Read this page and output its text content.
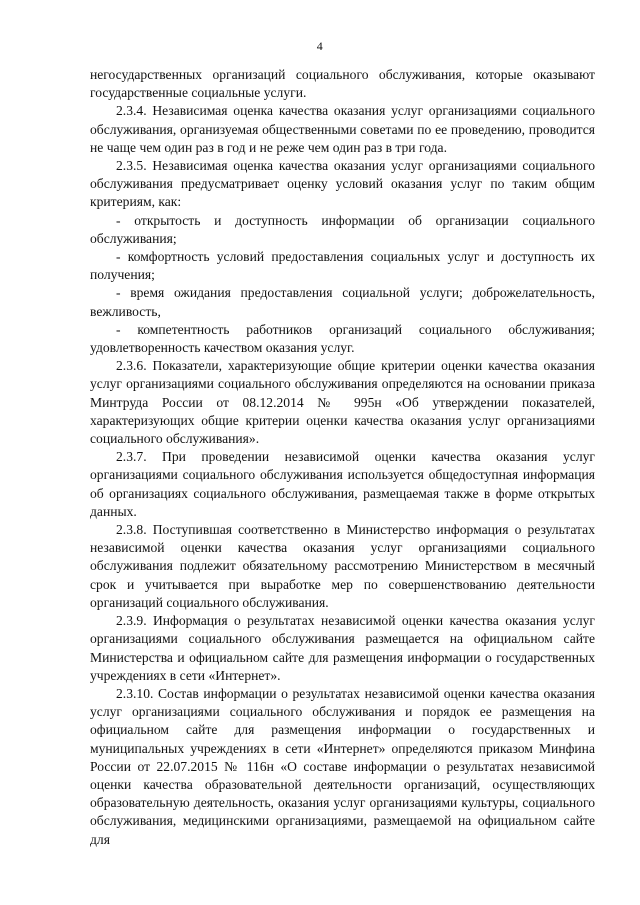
4

негосударственных организаций социального обслуживания, которые оказывают государственные социальные услуги.

2.3.4. Независимая оценка качества оказания услуг организациями социального обслуживания, организуемая общественными советами по ее проведению, проводится не чаще чем один раз в год и не реже чем один раз в три года.

2.3.5. Независимая оценка качества оказания услуг организациями социального обслуживания предусматривает оценку условий оказания услуг по таким общим критериям, как:

- открытость и доступность информации об организации социального обслуживания;

- комфортность условий предоставления социальных услуг и доступность их получения;

- время ожидания предоставления социальной услуги; доброжелательность, вежливость,

- компетентность работников организаций социального обслуживания; удовлетворенность качеством оказания услуг.

2.3.6. Показатели, характеризующие общие критерии оценки качества оказания услуг организациями социального обслуживания определяются на основании приказа Минтруда России от 08.12.2014 № 995н «Об утверждении показателей, характеризующих общие критерии оценки качества оказания услуг организациями социального обслуживания».

2.3.7. При проведении независимой оценки качества оказания услуг организациями социального обслуживания используется общедоступная информация об организациях социального обслуживания, размещаемая также в форме открытых данных.

2.3.8. Поступившая соответственно в Министерство информация о результатах независимой оценки качества оказания услуг организациями социального обслуживания подлежит обязательному рассмотрению Министерством в месячный срок и учитывается при выработке мер по совершенствованию деятельности организаций социального обслуживания.

2.3.9. Информация о результатах независимой оценки качества оказания услуг организациями социального обслуживания размещается на официальном сайте Министерства и официальном сайте для размещения информации о государственных учреждениях в сети «Интернет».

2.3.10. Состав информации о результатах независимой оценки качества оказания услуг организациями социального обслуживания и порядок ее размещения на официальном сайте для размещения информации о государственных и муниципальных учреждениях в сети «Интернет» определяются приказом Минфина России от 22.07.2015 № 116н «О составе информации о результатах независимой оценки качества образовательной деятельности организаций, осуществляющих образовательную деятельность, оказания услуг организациями культуры, социального обслуживания, медицинскими организациями, размещаемой на официальном сайте для
